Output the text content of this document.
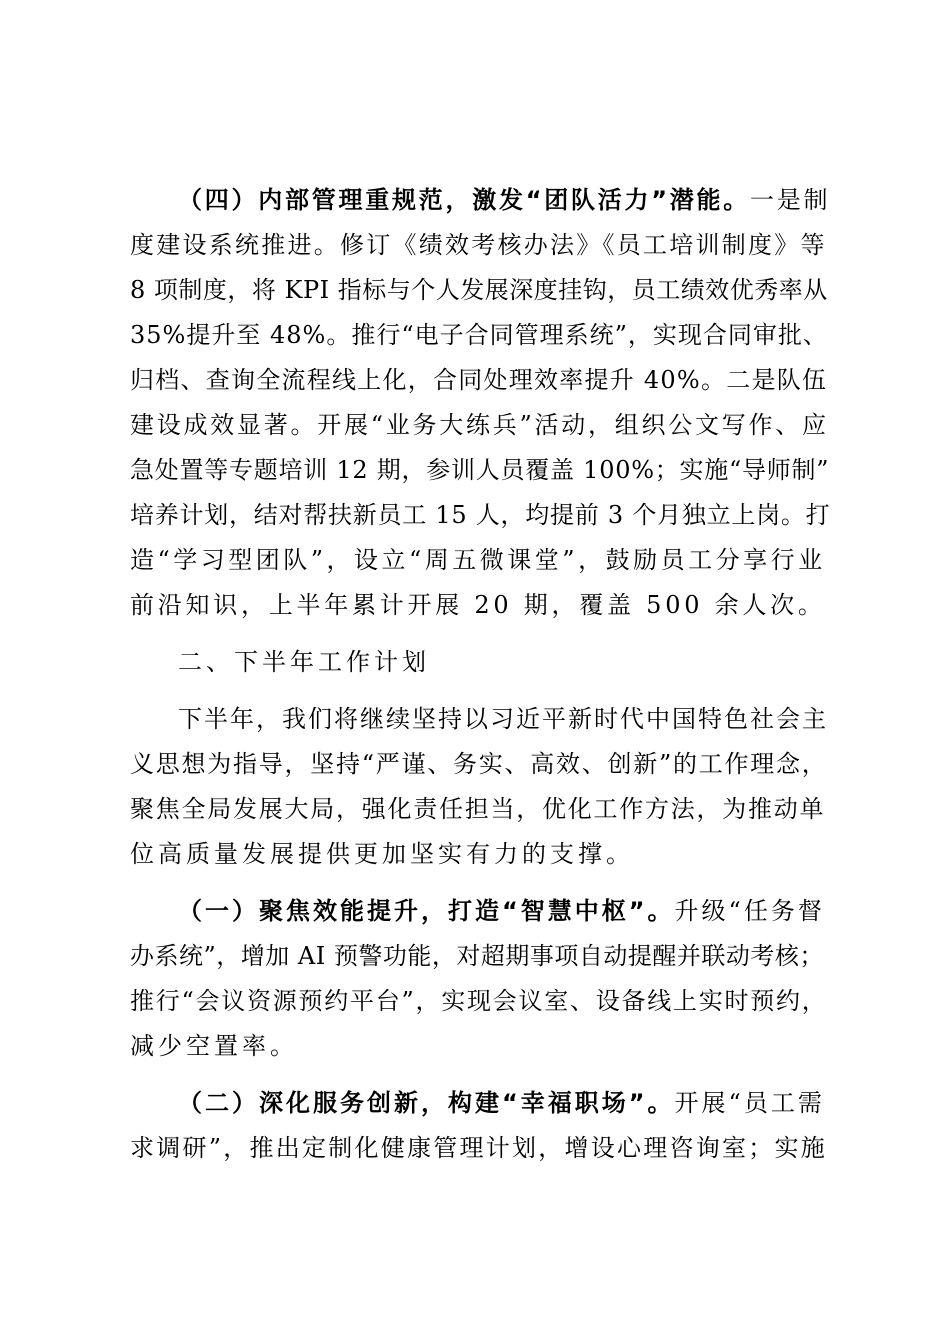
（四）内部管理重规范，激发“团队活力”潜能。一是制

度建设系统推进。修订《绩效考核办法》《员工培训制度》等

8 项制度，将 KPI 指标与个人发展深度挂钩，员工绩效优秀率从

35%提升至 48%。推行“电子合同管理系统”，实现合同审批、

归档、查询全流程线上化，合同处理效率提升 40%。二是队伍

建设成效显著。开展“业务大练兵”活动，组织公文写作、应

急处置等专题培训 12 期，参训人员覆盖 100%；实施“导师制”

培养计划，结对帮扶新员工 15 人，均提前 3 个月独立上岗。打

造“学习型团队”，设立“周五微课堂”，鼓励员工分享行业

前沿知识，上半年累计开展 20 期，覆盖 500 余人次。

二、下半年工作计划

下半年，我们将继续坚持以习近平新时代中国特色社会主

义思想为指导，坚持“严谨、务实、高效、创新”的工作理念，

聚焦全局发展大局，强化责任担当，优化工作方法，为推动单

位高质量发展提供更加坚实有力的支撑。

（一）聚焦效能提升，打造“智慧中枢”。升级“任务督

办系统”，增加 AI 预警功能，对超期事项自动提醒并联动考核；

推行“会议资源预约平台”，实现会议室、设备线上实时预约，

减少空置率。

（二）深化服务创新，构建“幸福职场”。开展“员工需

求调研”，推出定制化健康管理计划，增设心理咨询室；实施
